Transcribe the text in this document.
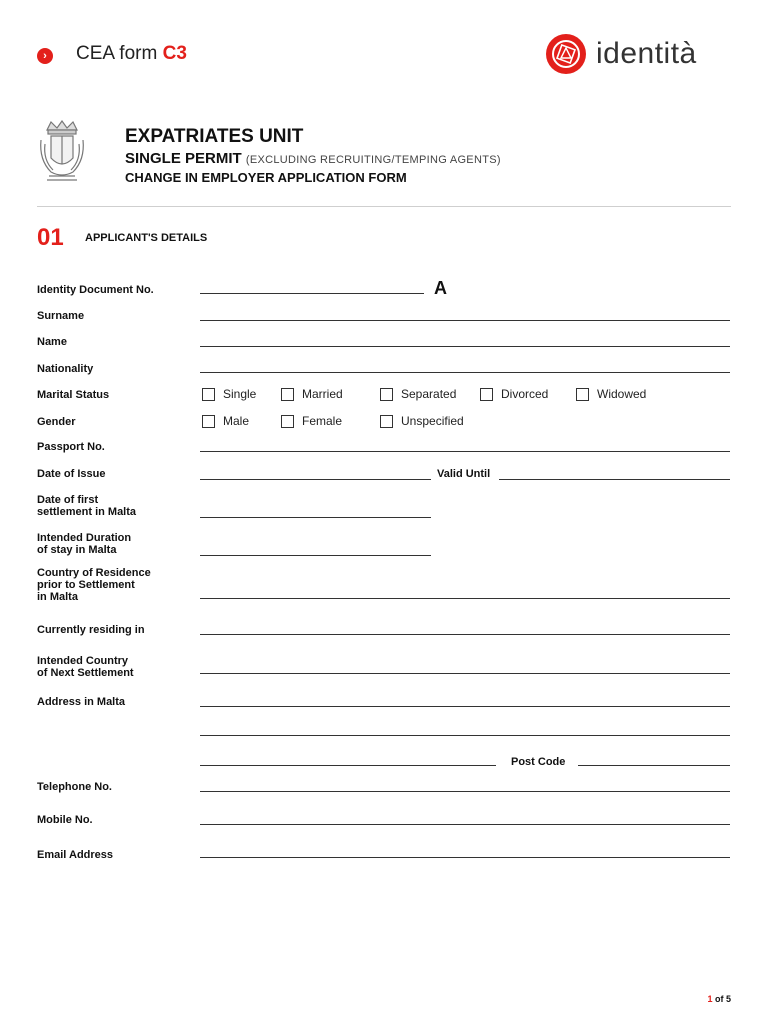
›	CEA form C3	identità
EXPATRIATES UNIT
SINGLE PERMIT (EXCLUDING RECRUITING/TEMPING AGENTS)
CHANGE IN EMPLOYER APPLICATION FORM
01 APPLICANT'S DETAILS
Identity Document No.	A
Surname
Name
Nationality
Marital Status	Single	Married	Separated	Divorced	Widowed
Gender	Male	Female	Unspecified
Passport No.
Date of Issue	Valid Until
Date of first
settlement in Malta
Intended Duration
of stay in Malta
Country of Residence
prior to Settlement
in Malta
Currently residing in
Intended Country
of Next Settlement
Address in Malta
Post Code
Telephone No.
Mobile No.
Email Address
1 of 5
